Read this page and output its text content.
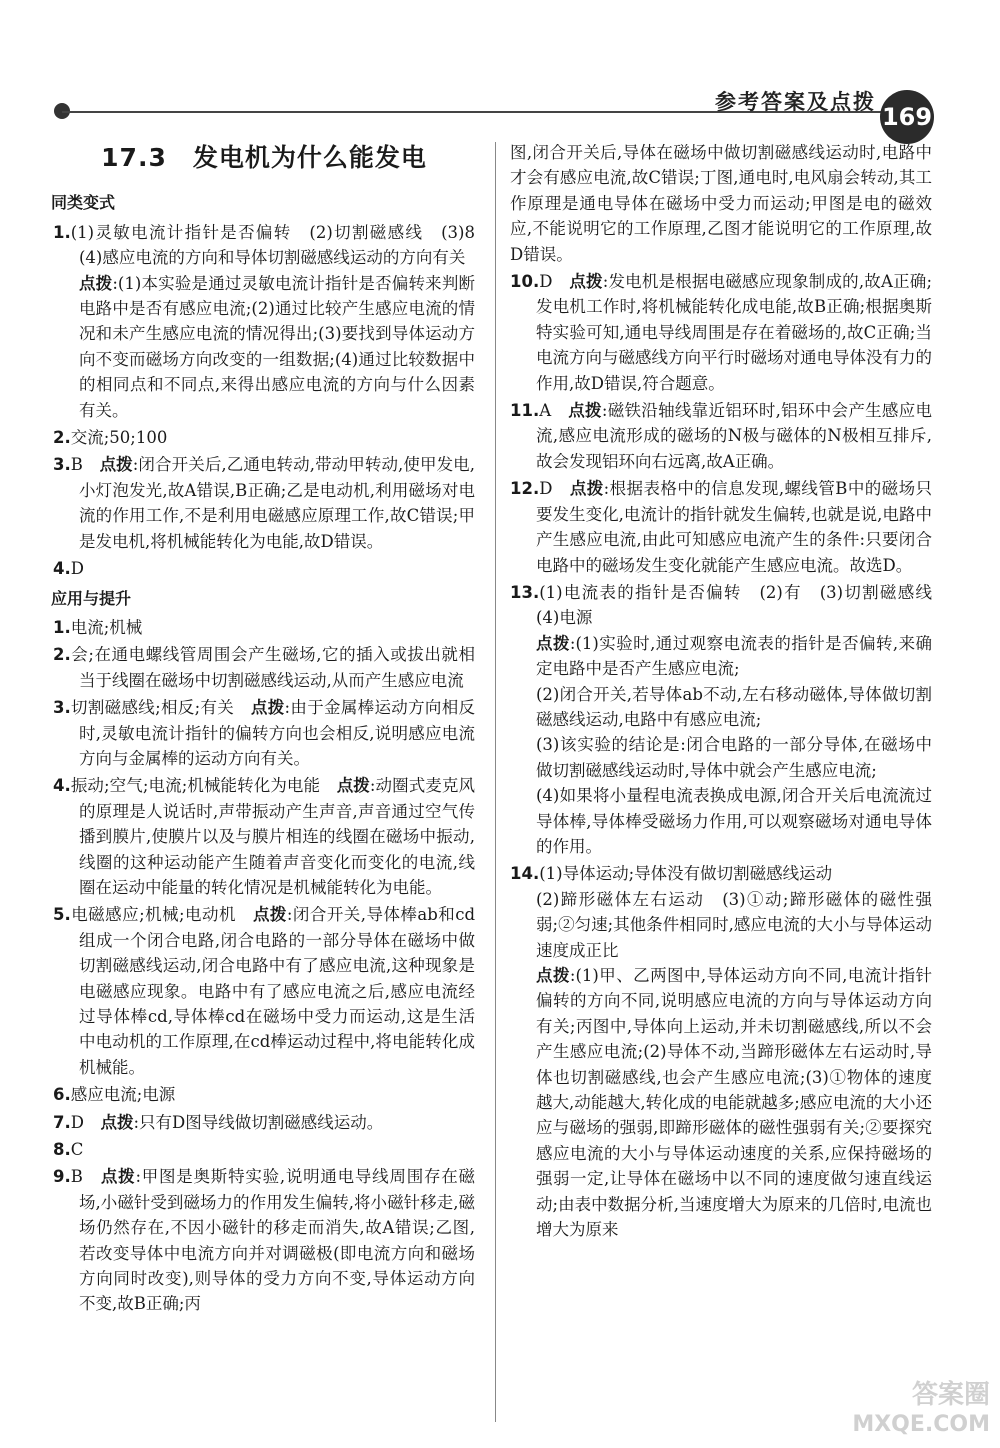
参考答案及点拨
169
17.3　发电机为什么能发电
同类变式
1.(1)灵敏电流计指针是否偏转　(2)切割磁感线　(3)8　(4)感应电流的方向和导体切割磁感线运动的方向有关
点拨:(1)本实验是通过灵敏电流计指针是否偏转来判断电路中是否有感应电流;(2)通过比较产生感应电流的情况和未产生感应电流的情况得出;(3)要找到导体运动方向不变而磁场方向改变的一组数据;(4)通过比较数据中的相同点和不同点,来得出感应电流的方向与什么因素有关。
2.交流;50;100
3.B　点拨:闭合开关后,乙通电转动,带动甲转动,使甲发电,小灯泡发光,故A错误,B正确;乙是电动机,利用磁场对电流的作用工作,不是利用电磁感应原理工作,故C错误;甲是发电机,将机械能转化为电能,故D错误。
4.D
应用与提升
1.电流;机械
2.会;在通电螺线管周围会产生磁场,它的插入或拔出就相当于线圈在磁场中切割磁感线运动,从而产生感应电流
3.切割磁感线;相反;有关　点拨:由于金属棒运动方向相反时,灵敏电流计指针的偏转方向也会相反,说明感应电流方向与金属棒的运动方向有关。
4.振动;空气;电流;机械能转化为电能　点拨:动圈式麦克风的原理是人说话时,声带振动产生声音,声音通过空气传播到膜片,使膜片以及与膜片相连的线圈在磁场中振动,线圈的这种运动能产生随着声音变化而变化的电流,线圈在运动中能量的转化情况是机械能转化为电能。
5.电磁感应;机械;电动机　点拨:闭合开关,导体棒ab和cd组成一个闭合电路,闭合电路的一部分导体在磁场中做切割磁感线运动,闭合电路中有了感应电流,这种现象是电磁感应现象。电路中有了感应电流之后,感应电流经过导体棒cd,导体棒cd在磁场中受力而运动,这是生活中电动机的工作原理,在cd棒运动过程中,将电能转化成机械能。
6.感应电流;电源
7.D　点拨:只有D图导线做切割磁感线运动。
8.C
9.B　点拨:甲图是奥斯特实验,说明通电导线周围存在磁场,小磁针受到磁场力的作用发生偏转,将小磁针移走,磁场仍然存在,不因小磁针的移走而消失,故A错误;乙图,若改变导体中电流方向并对调磁极(即电流方向和磁场方向同时改变),则导体的受力方向不变,导体运动方向不变,故B正确;丙
图,闭合开关后,导体在磁场中做切割磁感线运动时,电路中才会有感应电流,故C错误;丁图,通电时,电风扇会转动,其工作原理是通电导体在磁场中受力而运动;甲图是电的磁效应,不能说明它的工作原理,乙图才能说明它的工作原理,故D错误。
10.D　点拨:发电机是根据电磁感应现象制成的,故A正确;发电机工作时,将机械能转化成电能,故B正确;根据奥斯特实验可知,通电导线周围是存在着磁场的,故C正确;当电流方向与磁感线方向平行时磁场对通电导体没有力的作用,故D错误,符合题意。
11.A　点拨:磁铁沿轴线靠近铝环时,铝环中会产生感应电流,感应电流形成的磁场的N极与磁体的N极相互排斥,故会发现铝环向右远离,故A正确。
12.D　点拨:根据表格中的信息发现,螺线管B中的磁场只要发生变化,电流计的指针就发生偏转,也就是说,电路中产生感应电流,由此可知感应电流产生的条件:只要闭合电路中的磁场发生变化就能产生感应电流。故选D。
13.(1)电流表的指针是否偏转　(2)有　(3)切割磁感线　(4)电源
点拨:(1)实验时,通过观察电流表的指针是否偏转,来确定电路中是否产生感应电流;
(2)闭合开关,若导体ab不动,左右移动磁体,导体做切割磁感线运动,电路中有感应电流;
(3)该实验的结论是:闭合电路的一部分导体,在磁场中做切割磁感线运动时,导体中就会产生感应电流;
(4)如果将小量程电流表换成电源,闭合开关后电流流过导体棒,导体棒受磁场力作用,可以观察磁场对通电导体的作用。
14.(1)导体运动;导体没有做切割磁感线运动
(2)蹄形磁体左右运动　(3)①动;蹄形磁体的磁性强弱;②匀速;其他条件相同时,感应电流的大小与导体运动速度成正比
点拨:(1)甲、乙两图中,导体运动方向不同,电流计指针偏转的方向不同,说明感应电流的方向与导体运动方向有关;丙图中,导体向上运动,并未切割磁感线,所以不会产生感应电流;(2)导体不动,当蹄形磁体左右运动时,导体也切割磁感线,也会产生感应电流;(3)①物体的速度越大,动能越大,转化成的电能就越多;感应电流的大小还应与磁场的强弱,即蹄形磁体的磁性强弱有关;②要探究感应电流的大小与导体运动速度的关系,应保持磁场的强弱一定,让导体在磁场中以不同的速度做匀速直线运动;由表中数据分析,当速度增大为原来的几倍时,电流也增大为原来
答案圈
MXQE.COM
